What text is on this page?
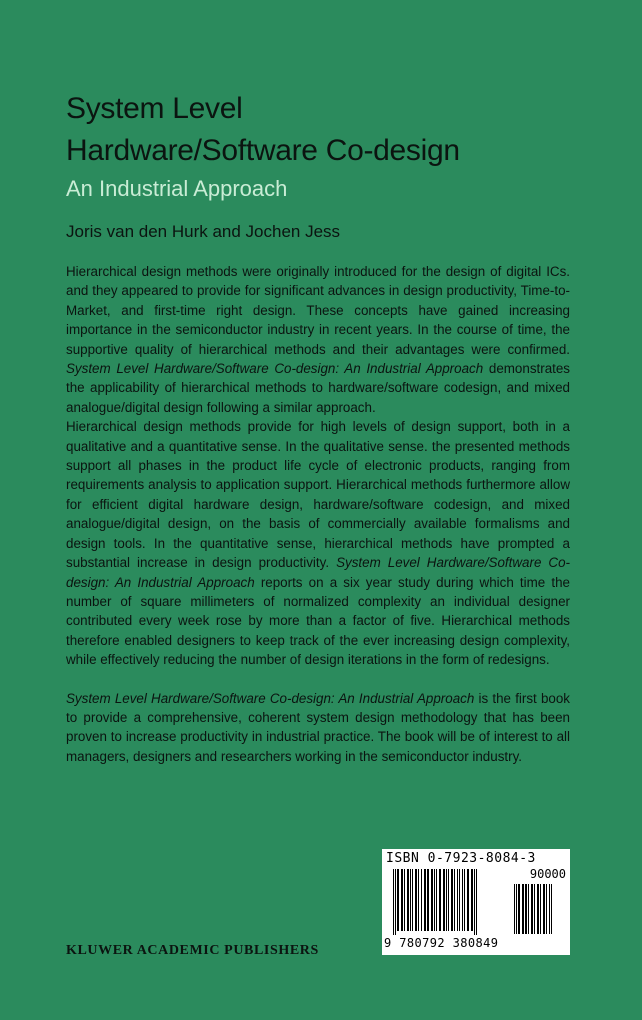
System Level
Hardware/Software Co-design
An Industrial Approach
Joris van den Hurk and Jochen Jess

Hierarchical design methods were originally introduced for the design of digital ICs. and they appeared to provide for significant advances in design productivity, Time-to-Market, and first-time right design. These concepts have gained increasing importance in the semiconductor industry in recent years. In the course of time, the supportive quality of hierarchical methods and their advantages were confirmed. System Level Hardware/Software Co-design: An Industrial Approach demonstrates the applicability of hierarchical methods to hardware/software codesign, and mixed analogue/digital design following a similar approach.

Hierarchical design methods provide for high levels of design support, both in a qualitative and a quantitative sense. In the qualitative sense. the presented methods support all phases in the product life cycle of electronic products, ranging from requirements analysis to application support. Hierarchical methods furthermore allow for efficient digital hardware design, hardware/software codesign, and mixed analogue/digital design, on the basis of commercially available formalisms and design tools. In the quantitative sense, hierarchical methods have prompted a substantial increase in design productivity. System Level Hardware/Software Co-design: An Industrial Approach reports on a six year study during which time the number of square millimeters of normalized complexity an individual designer contributed every week rose by more than a factor of five. Hierarchical methods therefore enabled designers to keep track of the ever increasing design complexity, while effectively reducing the number of design iterations in the form of redesigns.

System Level Hardware/Software Co-design: An Industrial Approach is the first book to provide a comprehensive, coherent system design methodology that has been proven to increase productivity in industrial practice. The book will be of interest to all managers, designers and researchers working in the semiconductor industry.

ISBN 0-7923-8084-3
90000
9 780792 380849
KLUWER ACADEMIC PUBLISHERS
